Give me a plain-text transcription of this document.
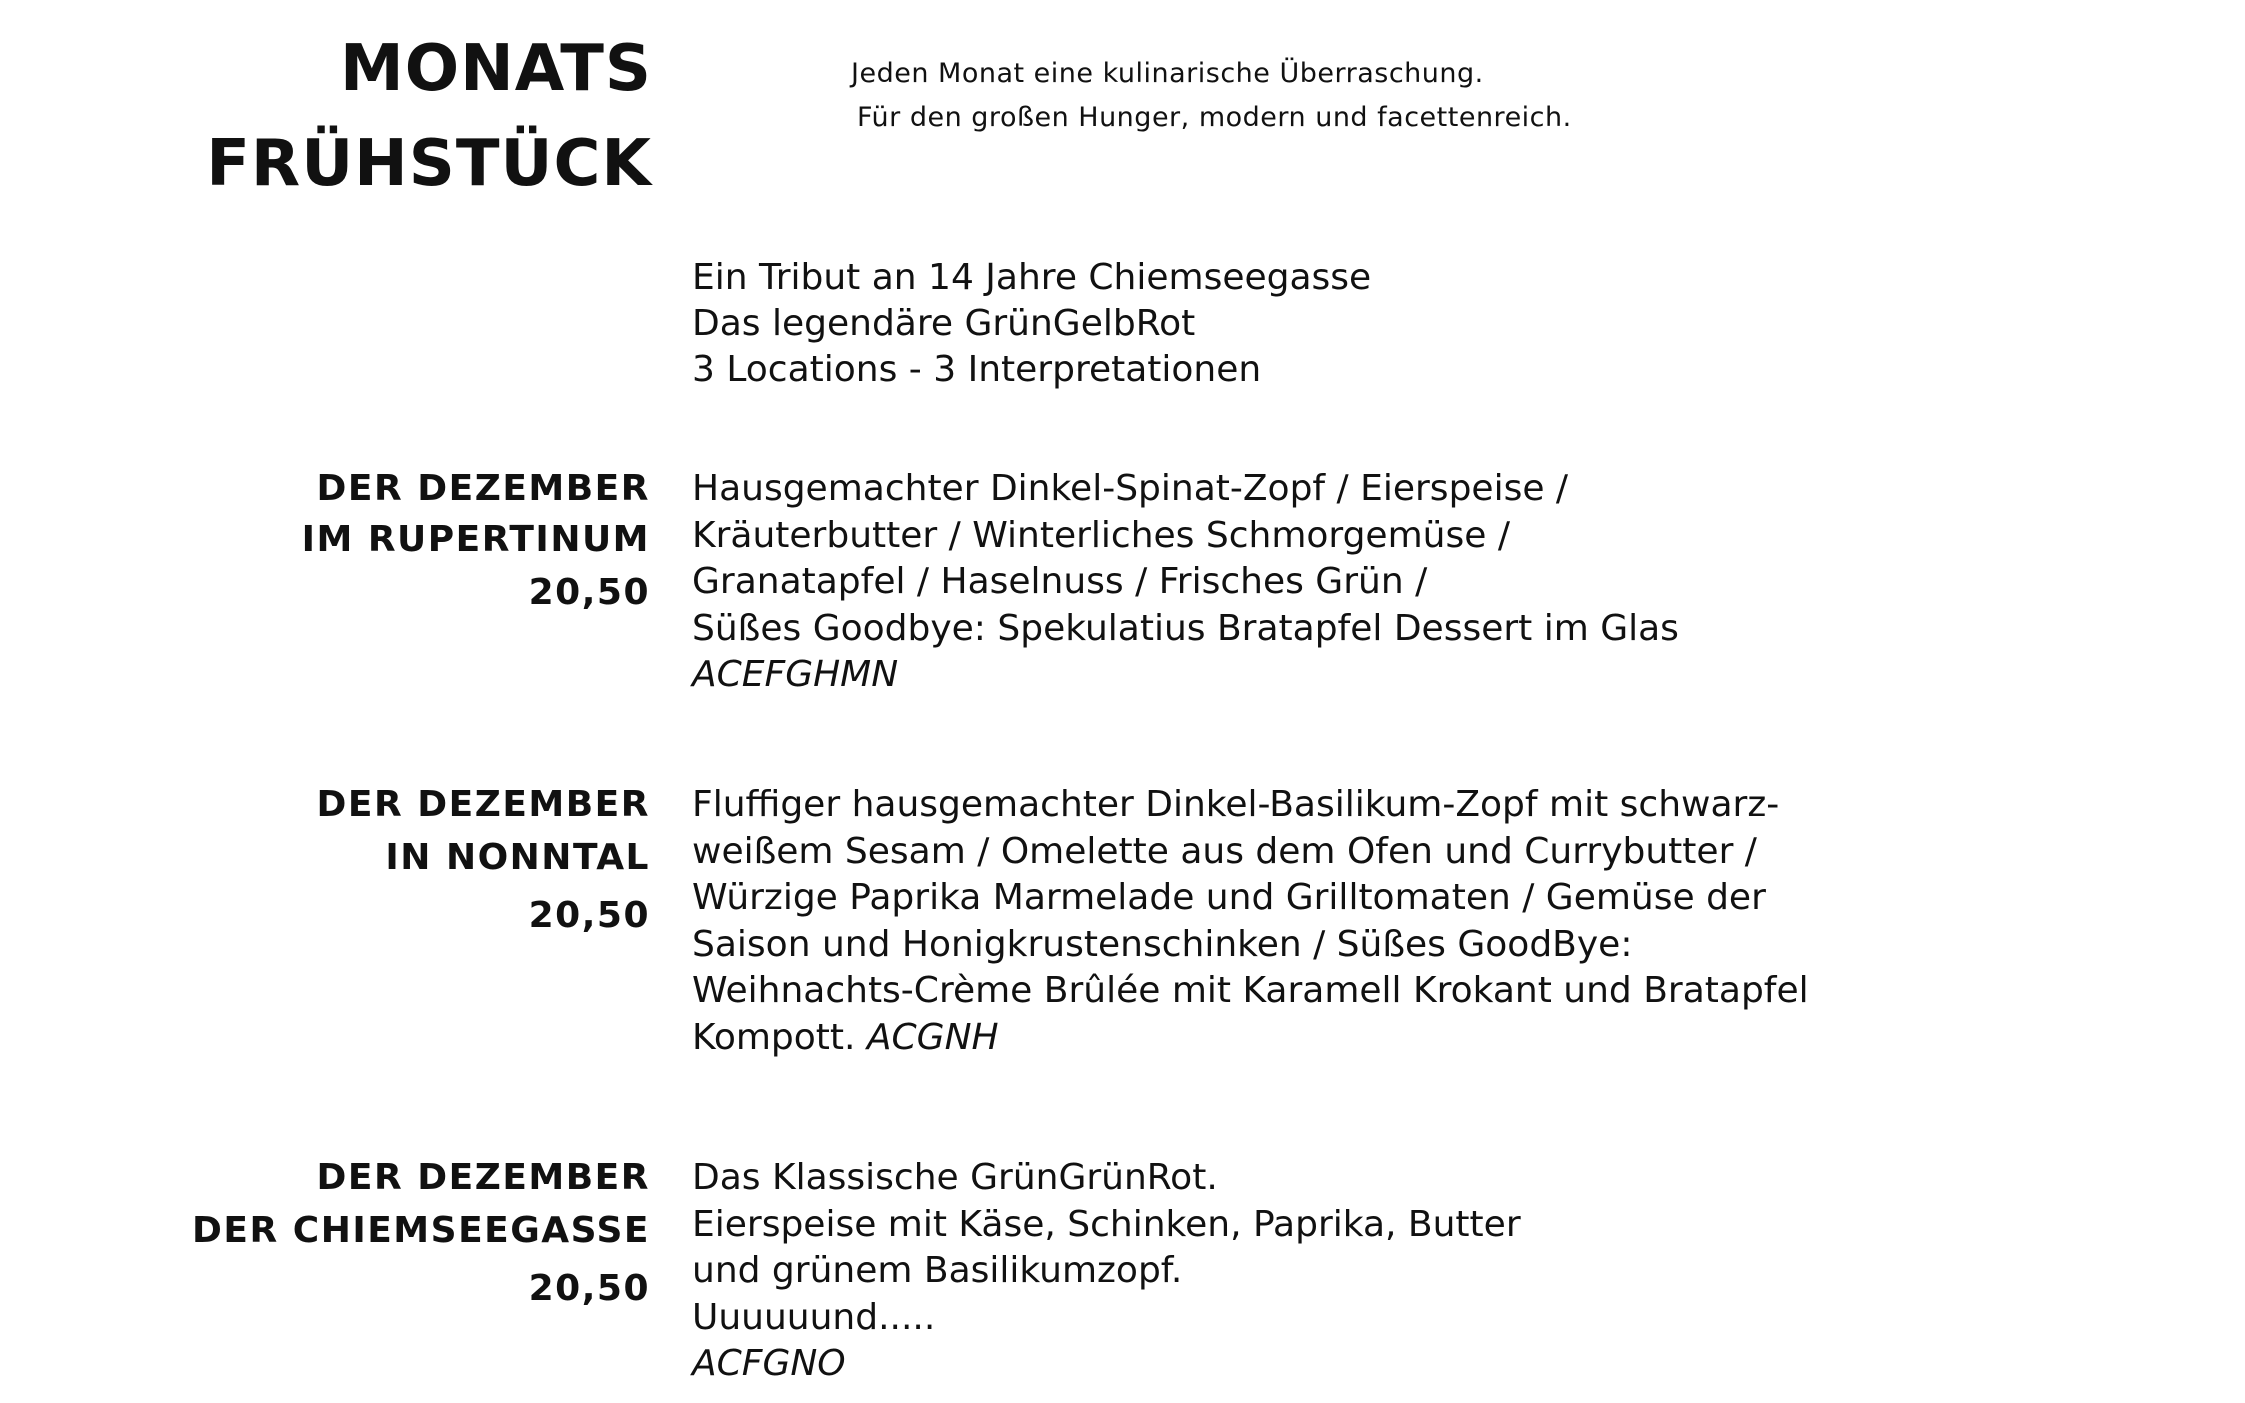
MONATS
FRÜHSTÜCK
Jeden Monat eine kulinarische Überraschung.
Für den großen Hunger, modern und facettenreich.
Ein Tribut an 14 Jahre Chiemseegasse
Das legendäre GrünGelbRot
3 Locations - 3 Interpretationen
DER DEZEMBER
IM RUPERTINUM
20,50
Hausgemachter Dinkel-Spinat-Zopf / Eierspeise /
Kräuterbutter / Winterliches Schmorgemüse /
Granatapfel / Haselnuss / Frisches Grün /
Süßes Goodbye: Spekulatius Bratapfel Dessert im Glas
ACEFGHMN
DER DEZEMBER
IN NONNTAL
20,50
Fluffiger hausgemachter Dinkel-Basilikum-Zopf mit schwarz-
weißem Sesam / Omelette aus dem Ofen und Currybutter /
Würzige Paprika Marmelade und Grilltomaten / Gemüse der
Saison und Honigkrustenschinken / Süßes GoodBye:
Weihnachts-Crème Brûlée mit Karamell Krokant und Bratapfel
Kompott. ACGNH
DER DEZEMBER
DER CHIEMSEEGASSE
20,50
Das Klassische GrünGrünRot.
Eierspeise mit Käse, Schinken, Paprika, Butter
und grünem Basilikumzopf.
Uuuuuund.....
ACFGNO
